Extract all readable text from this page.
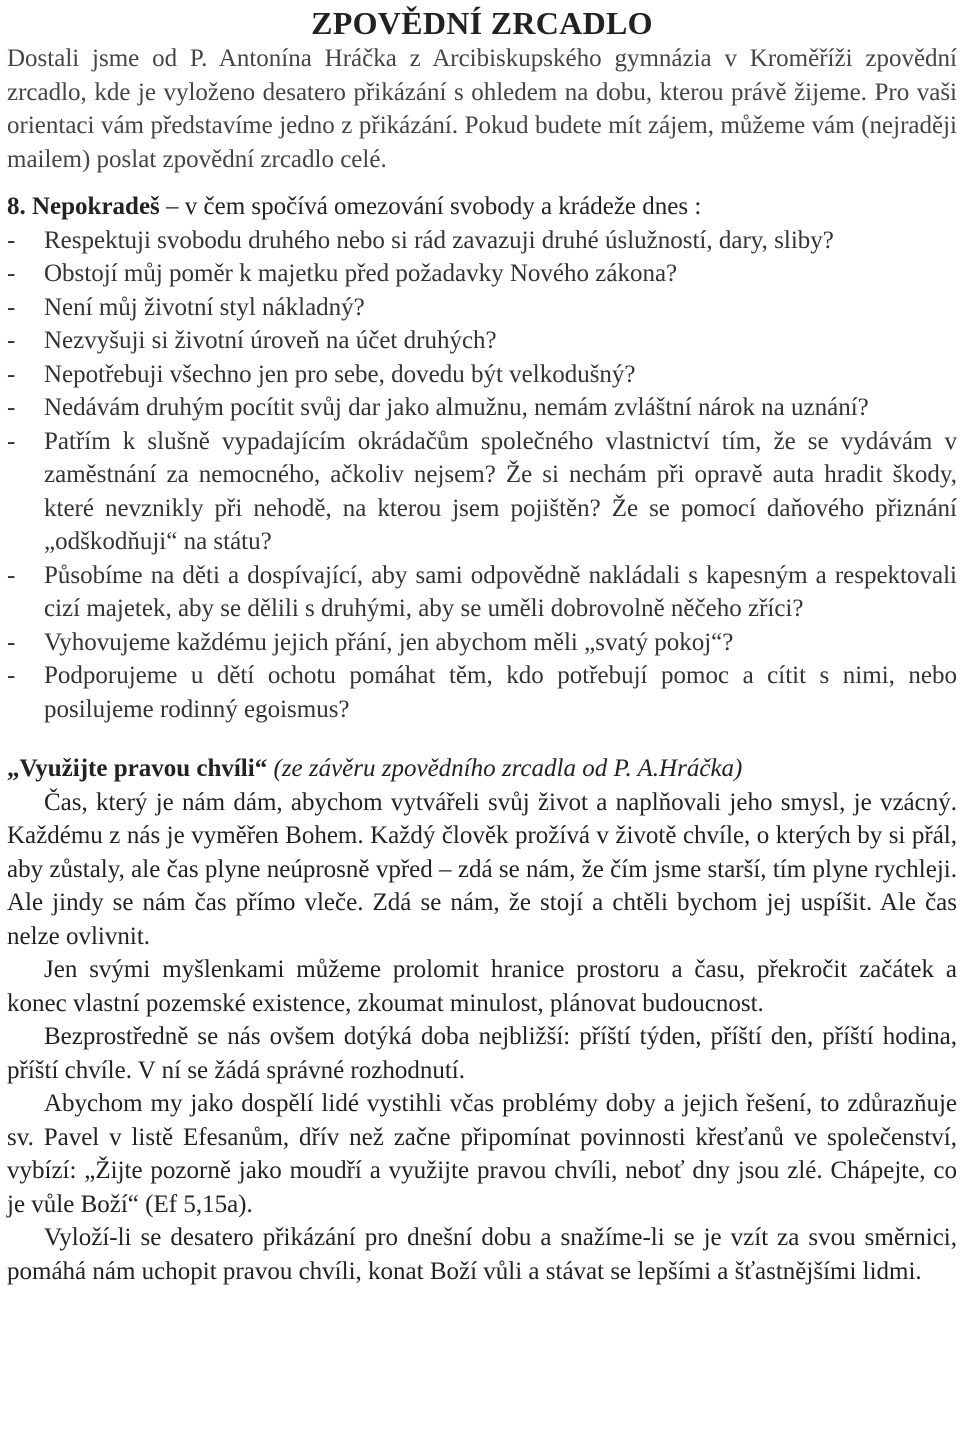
ZPOVĚDNÍ ZRCADLO

Dostali jsme od P. Antonína Hráčka z Arcibiskupského gymnázia v Kroměříži zpovědní zrcadlo, kde je vyloženo desatero přikázání s ohledem na dobu, kterou právě žijeme. Pro vaši orientaci vám představíme jedno z přikázání. Pokud budete mít zájem, můžeme vám (nejraději mailem) poslat zpovědní zrcadlo celé.

8. Nepokradeš – v čem spočívá omezování svobody a krádeže dnes :

- Respektuji svobodu druhého nebo si rád zavazuji druhé úslužností, dary, sliby?
- Obstojí můj poměr k majetku před požadavky Nového zákona?
- Není můj životní styl nákladný?
- Nezvyšuji si životní úroveň na účet druhých?
- Nepotřebuji všechno jen pro sebe, dovedu být velkodušný?
- Nedávám druhým pocítit svůj dar jako almužnu, nemám zvláštní nárok na uznání?
- Patřím k slušně vypadajícím okrádačům společného vlastnictví tím, že se vydávám v zaměstnání za nemocného, ačkoliv nejsem? Že si nechám při opravě auta hradit škody, které nevznikly při nehodě, na kterou jsem pojištěn? Že se pomocí daňového přiznání „odškodňuji“ na státu?
- Působíme na děti a dospívající, aby sami odpovědně nakládali s kapesným a respektovali cizí majetek, aby se dělili s druhými, aby se uměli dobrovolně něčeho zříci?
- Vyhovujeme každému jejich přání, jen abychom měli „svatý pokoj“?
- Podporujeme u dětí ochotu pomáhat těm, kdo potřebují pomoc a cítit s nimi, nebo posilujeme rodinný egoismus?

„Využijte pravou chvíli“ (ze závěru zpovědního zrcadla od P. A.Hráčka)

Čas, který je nám dám, abychom vytvářeli svůj život a naplňovali jeho smysl, je vzácný. Každému z nás je vyměřen Bohem. Každý člověk prožívá v životě chvíle, o kterých by si přál, aby zůstaly, ale čas plyne neúprosně vpřed – zdá se nám, že čím jsme starší, tím plyne rychleji. Ale jindy se nám čas přímo vleče. Zdá se nám, že stojí a chtěli bychom jej uspíšit. Ale čas nelze ovlivnit.

Jen svými myšlenkami můžeme prolomit hranice prostoru a času, překročit začátek a konec vlastní pozemské existence, zkoumat minulost, plánovat budoucnost.

Bezprostředně se nás ovšem dotýká doba nejbližší: příští týden, příští den, příští hodina, příští chvíle. V ní se žádá správné rozhodnutí.

Abychom my jako dospělí lidé vystihli včas problémy doby a jejich řešení, to zdůrazňuje sv. Pavel v listě Efesanům, dřív než začne připomínat povinnosti křesťanů ve společenství, vybízí: „Žijte pozorně jako moudří a využijte pravou chvíli, neboť dny jsou zlé. Chápejte, co je vůle Boží“ (Ef 5,15a).

Vyloží-li se desatero přikázání pro dnešní dobu a snažíme-li se je vzít za svou směrnici, pomáhá nám uchopit pravou chvíli, konat Boží vůli a stávat se lepšími a šťastnějšími lidmi.
